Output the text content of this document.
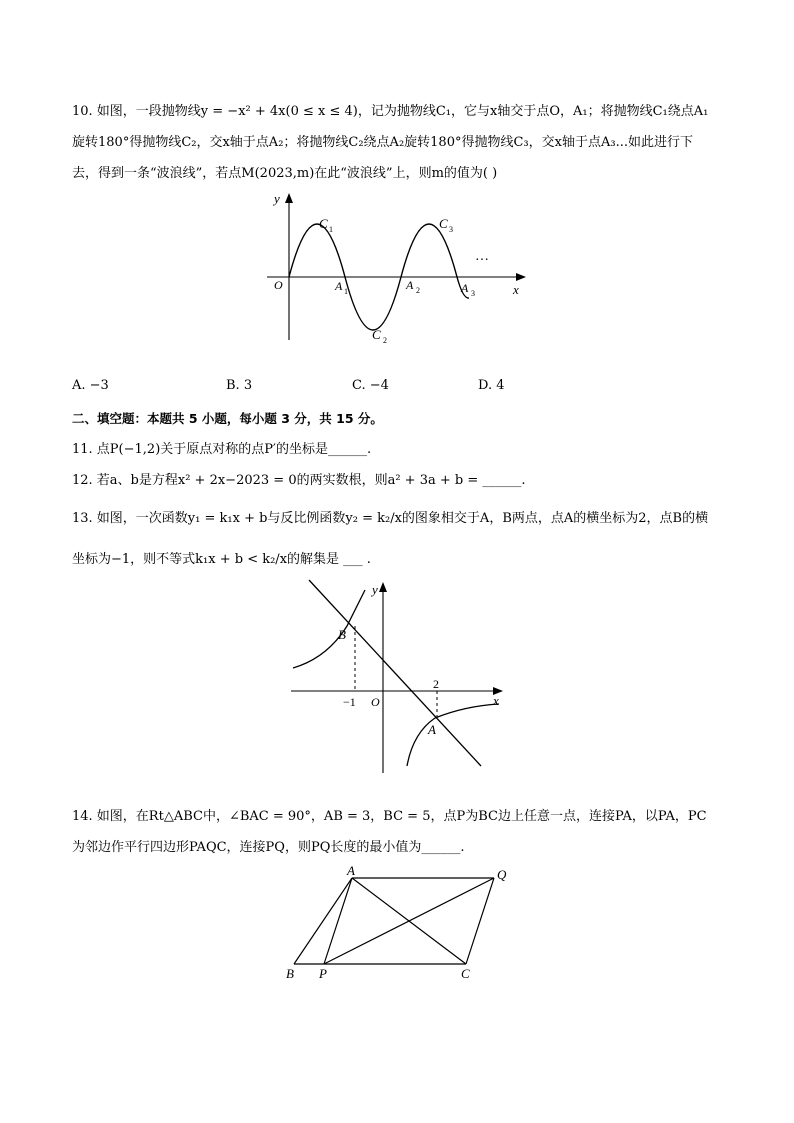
10. 如图，一段抛物线y = −x² + 4x(0 ≤ x ≤ 4)，记为抛物线C₁，它与x轴交于点O，A₁；将抛物线C₁绕点A₁
旋转180°得抛物线C₂，交x轴于点A₂；将抛物线C₂绕点A₂旋转180°得抛物线C₃，交x轴于点A₃...如此进行下
去，得到一条“波浪线”，若点M(2023,m)在此“波浪线”上，则m的值为( )
y
x
O
C 1	C 3
C 2
A 1	A 2	A 3
…
A. −3	B. 3	C. −4	D. 4
二、填空题：本题共 5 小题，每小题 3 分，共 15 分。
11. 点P(−1,2)关于原点对称的点P′的坐标是______.
12. 若a、b是方程x² + 2x−2023 = 0的两实数根，则a² + 3a + b = ______.
13. 如图，一次函数y₁ = k₁x + b与反比例函数y₂ = k₂/x的图象相交于A，B两点，点A的横坐标为2，点B的横
坐标为−1，则不等式k₁x + b < k₂/x的解集是 ___ .
y
x
O
B
A
−1
2
14. 如图，在Rt△ABC中，∠BAC = 90°，AB = 3，BC = 5，点P为BC边上任意一点，连接PA，以PA，PC
为邻边作平行四边形PAQC，连接PQ，则PQ长度的最小值为______.
A	Q
B P	C
